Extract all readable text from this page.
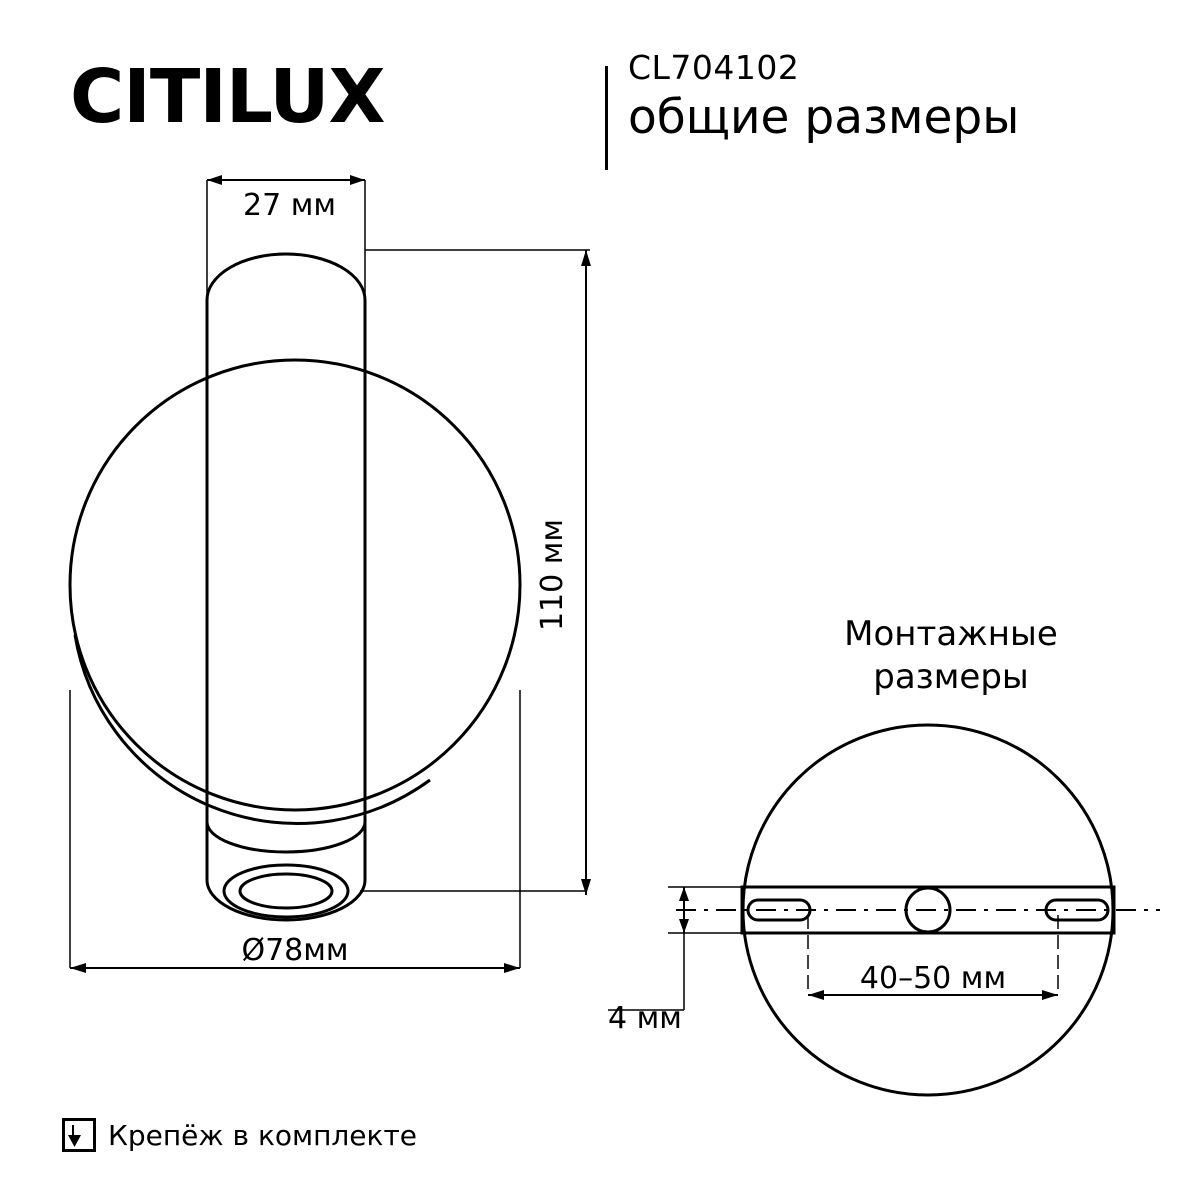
CITILUX	CL704102
общие размеры
27 мм
110 мм
Ø78мм
Монтажные
размеры
4 мм
40–50 мм
Крепёж в комплекте
